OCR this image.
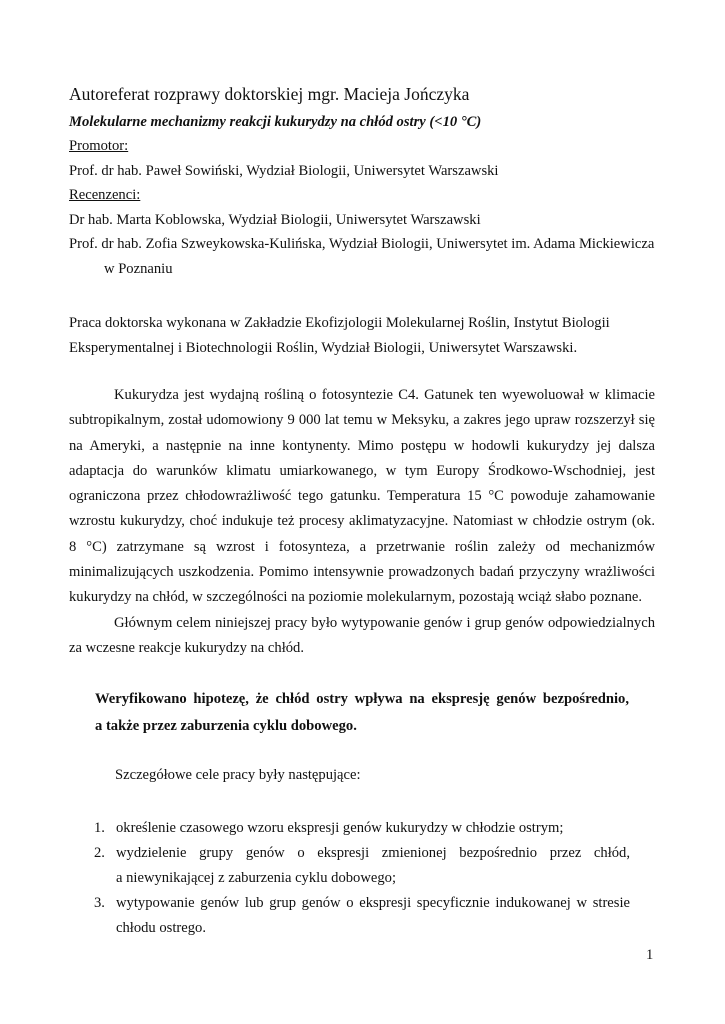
Autoreferat rozprawy doktorskiej mgr. Macieja Jończyka
Molekularne mechanizmy reakcji kukurydzy na chłód ostry (<10 °C)
Promotor:
Prof. dr hab. Paweł Sowiński, Wydział Biologii, Uniwersytet Warszawski
Recenzenci:
Dr hab. Marta Koblowska, Wydział Biologii, Uniwersytet Warszawski
Prof. dr hab. Zofia Szweykowska-Kulińska, Wydział Biologii, Uniwersytet im. Adama Mickiewicza
w Poznaniu
Praca doktorska wykonana w Zakładzie Ekofizjologii Molekularnej Roślin, Instytut Biologii
Eksperymentalnej i Biotechnologii Roślin, Wydział Biologii, Uniwersytet Warszawski.
Kukurydza jest wydajną rośliną o fotosyntezie C4. Gatunek ten wyewoluował w klimacie
subtropikalnym, został udomowiony 9 000 lat temu w Meksyku, a zakres jego upraw rozszerzył się
na Ameryki, a następnie na inne kontynenty. Mimo postępu w hodowli kukurydzy jej dalsza
adaptacja do warunków klimatu umiarkowanego, w tym Europy Środkowo-Wschodniej, jest
ograniczona przez chłodowrażliwość tego gatunku. Temperatura 15 °C powoduje zahamowanie
wzrostu kukurydzy, choć indukuje też procesy aklimatyzacyjne. Natomiast w chłodzie ostrym (ok.
8 °C) zatrzymane są wzrost i fotosynteza, a przetrwanie roślin zależy od mechanizmów
minimalizujących uszkodzenia. Pomimo intensywnie prowadzonych badań przyczyny wrażliwości
kukurydzy na chłód, w szczególności na poziomie molekularnym, pozostają wciąż słabo poznane.
Głównym celem niniejszej pracy było wytypowanie genów i grup genów odpowiedzialnych
za wczesne reakcje kukurydzy na chłód.
Weryfikowano hipotezę, że chłód ostry wpływa na ekspresję genów bezpośrednio,
a także przez zaburzenia cyklu dobowego.
Szczegółowe cele pracy były następujące:
1. określenie czasowego wzoru ekspresji genów kukurydzy w chłodzie ostrym;
2. wydzielenie grupy genów o ekspresji zmienionej bezpośrednio przez chłód,
a niewynikającej z zaburzenia cyklu dobowego;
3. wytypowanie genów lub grup genów o ekspresji specyficznie indukowanej w stresie
chłodu ostrego.
1
